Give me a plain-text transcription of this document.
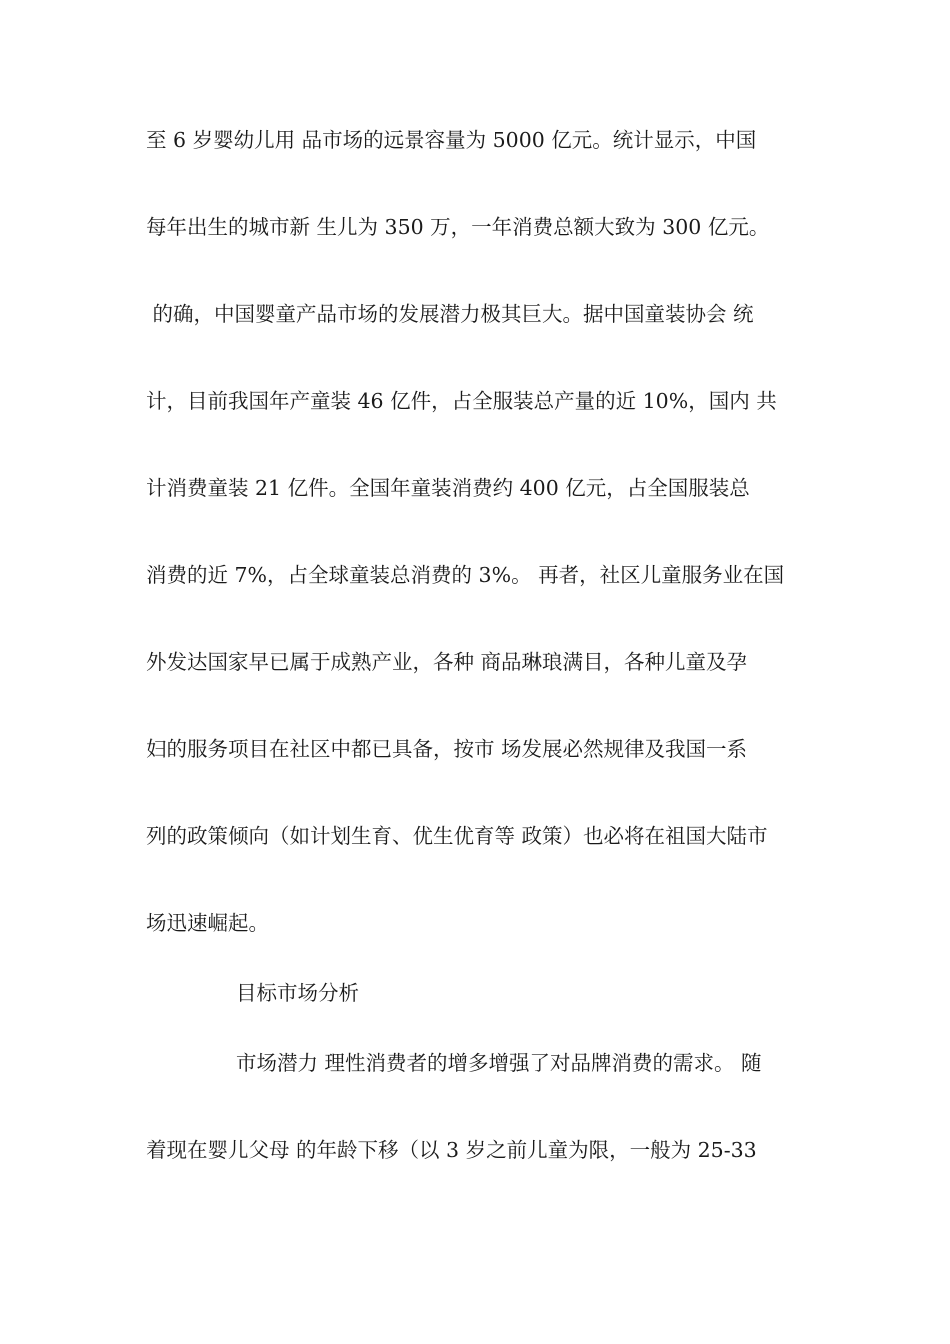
至 6 岁婴幼儿用 品市场的远景容量为 5000 亿元。统计显示，中国
每年出生的城市新 生儿为 350 万，一年消费总额大致为 300 亿元。
的确，中国婴童产品市场的发展潜力极其巨大。据中国童装协会 统
计，目前我国年产童装 46 亿件，占全服装总产量的近 10%，国内 共
计消费童装 21 亿件。全国年童装消费约 400 亿元，占全国服装总
消费的近 7%，占全球童装总消费的 3%。 再者，社区儿童服务业在国
外发达国家早已属于成熟产业，各种 商品琳琅满目，各种儿童及孕
妇的服务项目在社区中都已具备，按市 场发展必然规律及我国一系
列的政策倾向（如计划生育、优生优育等 政策）也必将在祖国大陆市
场迅速崛起。
目标市场分析
市场潜力 理性消费者的增多增强了对品牌消费的需求。 随
着现在婴儿父母 的年龄下移（以 3 岁之前儿童为限，一般为 25-33
